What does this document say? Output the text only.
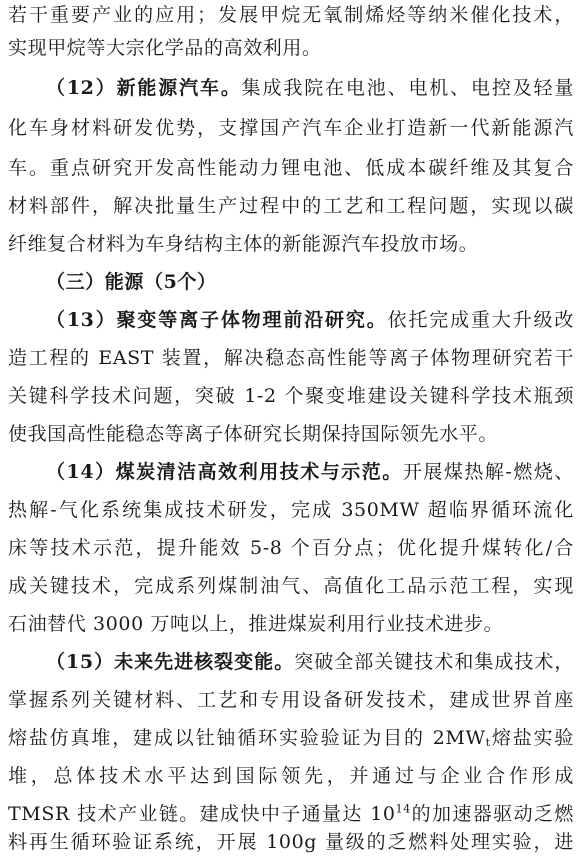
若干重要产业的应用；发展甲烷无氧制烯烃等纳米催化技术，
实现甲烷等大宗化学品的高效利用。
（12）新能源汽车。集成我院在电池、电机、电控及轻量
化车身材料研发优势，支撑国产汽车企业打造新一代新能源汽
车。重点研究开发高性能动力锂电池、低成本碳纤维及其复合
材料部件，解决批量生产过程中的工艺和工程问题，实现以碳
纤维复合材料为车身结构主体的新能源汽车投放市场。
（三）能源（5个）
（13）聚变等离子体物理前沿研究。依托完成重大升级改
造工程的 EAST 装置，解决稳态高性能等离子体物理研究若干
关键科学技术问题，突破 1-2 个聚变堆建设关键科学技术瓶颈
使我国高性能稳态等离子体研究长期保持国际领先水平。
（14）煤炭清洁高效利用技术与示范。开展煤热解-燃烧、
热解-气化系统集成技术研发，完成 350MW 超临界循环流化
床等技术示范，提升能效 5-8 个百分点；优化提升煤转化/合
成关键技术，完成系列煤制油气、高值化工品示范工程，实现
石油替代 3000 万吨以上，推进煤炭利用行业技术进步。
（15）未来先进核裂变能。突破全部关键技术和集成技术，
掌握系列关键材料、工艺和专用设备研发技术，建成世界首座
熔盐仿真堆，建成以钍铀循环实验验证为目的 $2MW_t$熔盐实验
堆，总体技术水平达到国际领先，并通过与企业合作形成
TMSR 技术产业链。建成快中子通量达 $10^{14}$的加速器驱动乏燃
料再生循环验证系统，开展 100g 量级的乏燃料处理实验，进
